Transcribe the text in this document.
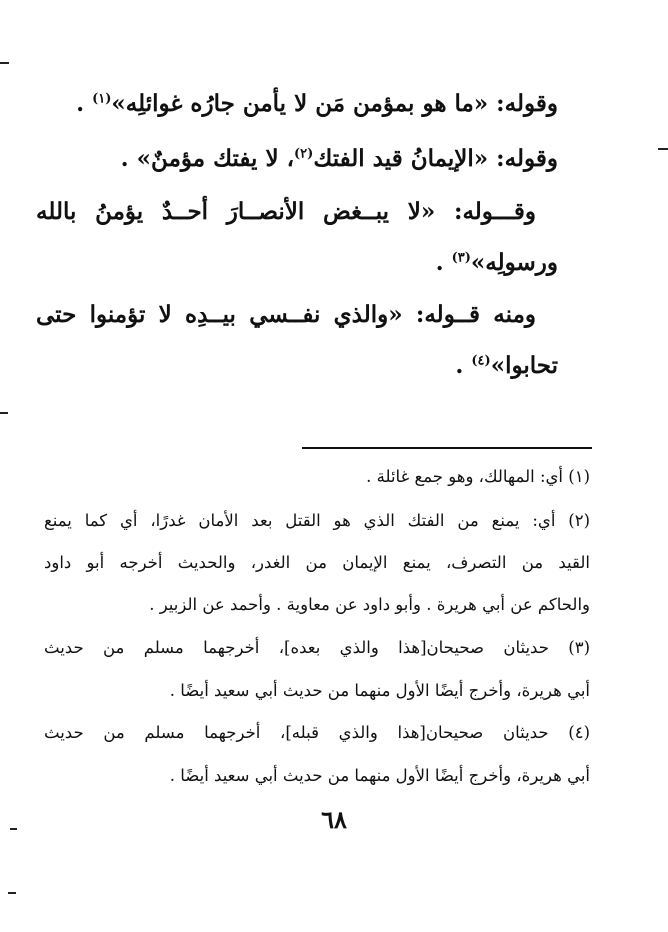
وقوله: «ما هو بمؤمن مَن لا يأمن جارُه غوائلِه»$^{(١)}$ .
وقوله: «الإيمانُ قيد الفتك$^{(٢)}$، لا يفتك مؤمنٌ» .
وقـــوله: «لا يبــغض الأنصــارَ أحــدٌ يؤمنُ بالله
ورسولِه»$^{(٣)}$ .
ومنه قــوله: «والذي نفــسي بيــدِه لا تؤمنوا حتى
تحابوا»$^{(٤)}$ .
(١) أي: المهالك، وهو جمع غائلة .
(٢) أي: يمنع من الفتك الذي هو القتل بعد الأمان غدرًا، أي كما يمنع
القيد من التصرف، يمنع الإيمان من الغدر، والحديث أخرجه أبو داود
والحاكم عن أبي هريرة . وأبو داود عن معاوية . وأحمد عن الزبير .
(٣) حديثان صحيحان[هذا والذي بعده]، أخرجهما مسلم من حديث
أبي هريرة، وأخرج أيضًا الأول منهما من حديث أبي سعيد أيضًا .
(٤) حديثان صحيحان[هذا والذي قبله]، أخرجهما مسلم من حديث
أبي هريرة، وأخرج أيضًا الأول منهما من حديث أبي سعيد أيضًا .
٦٨
